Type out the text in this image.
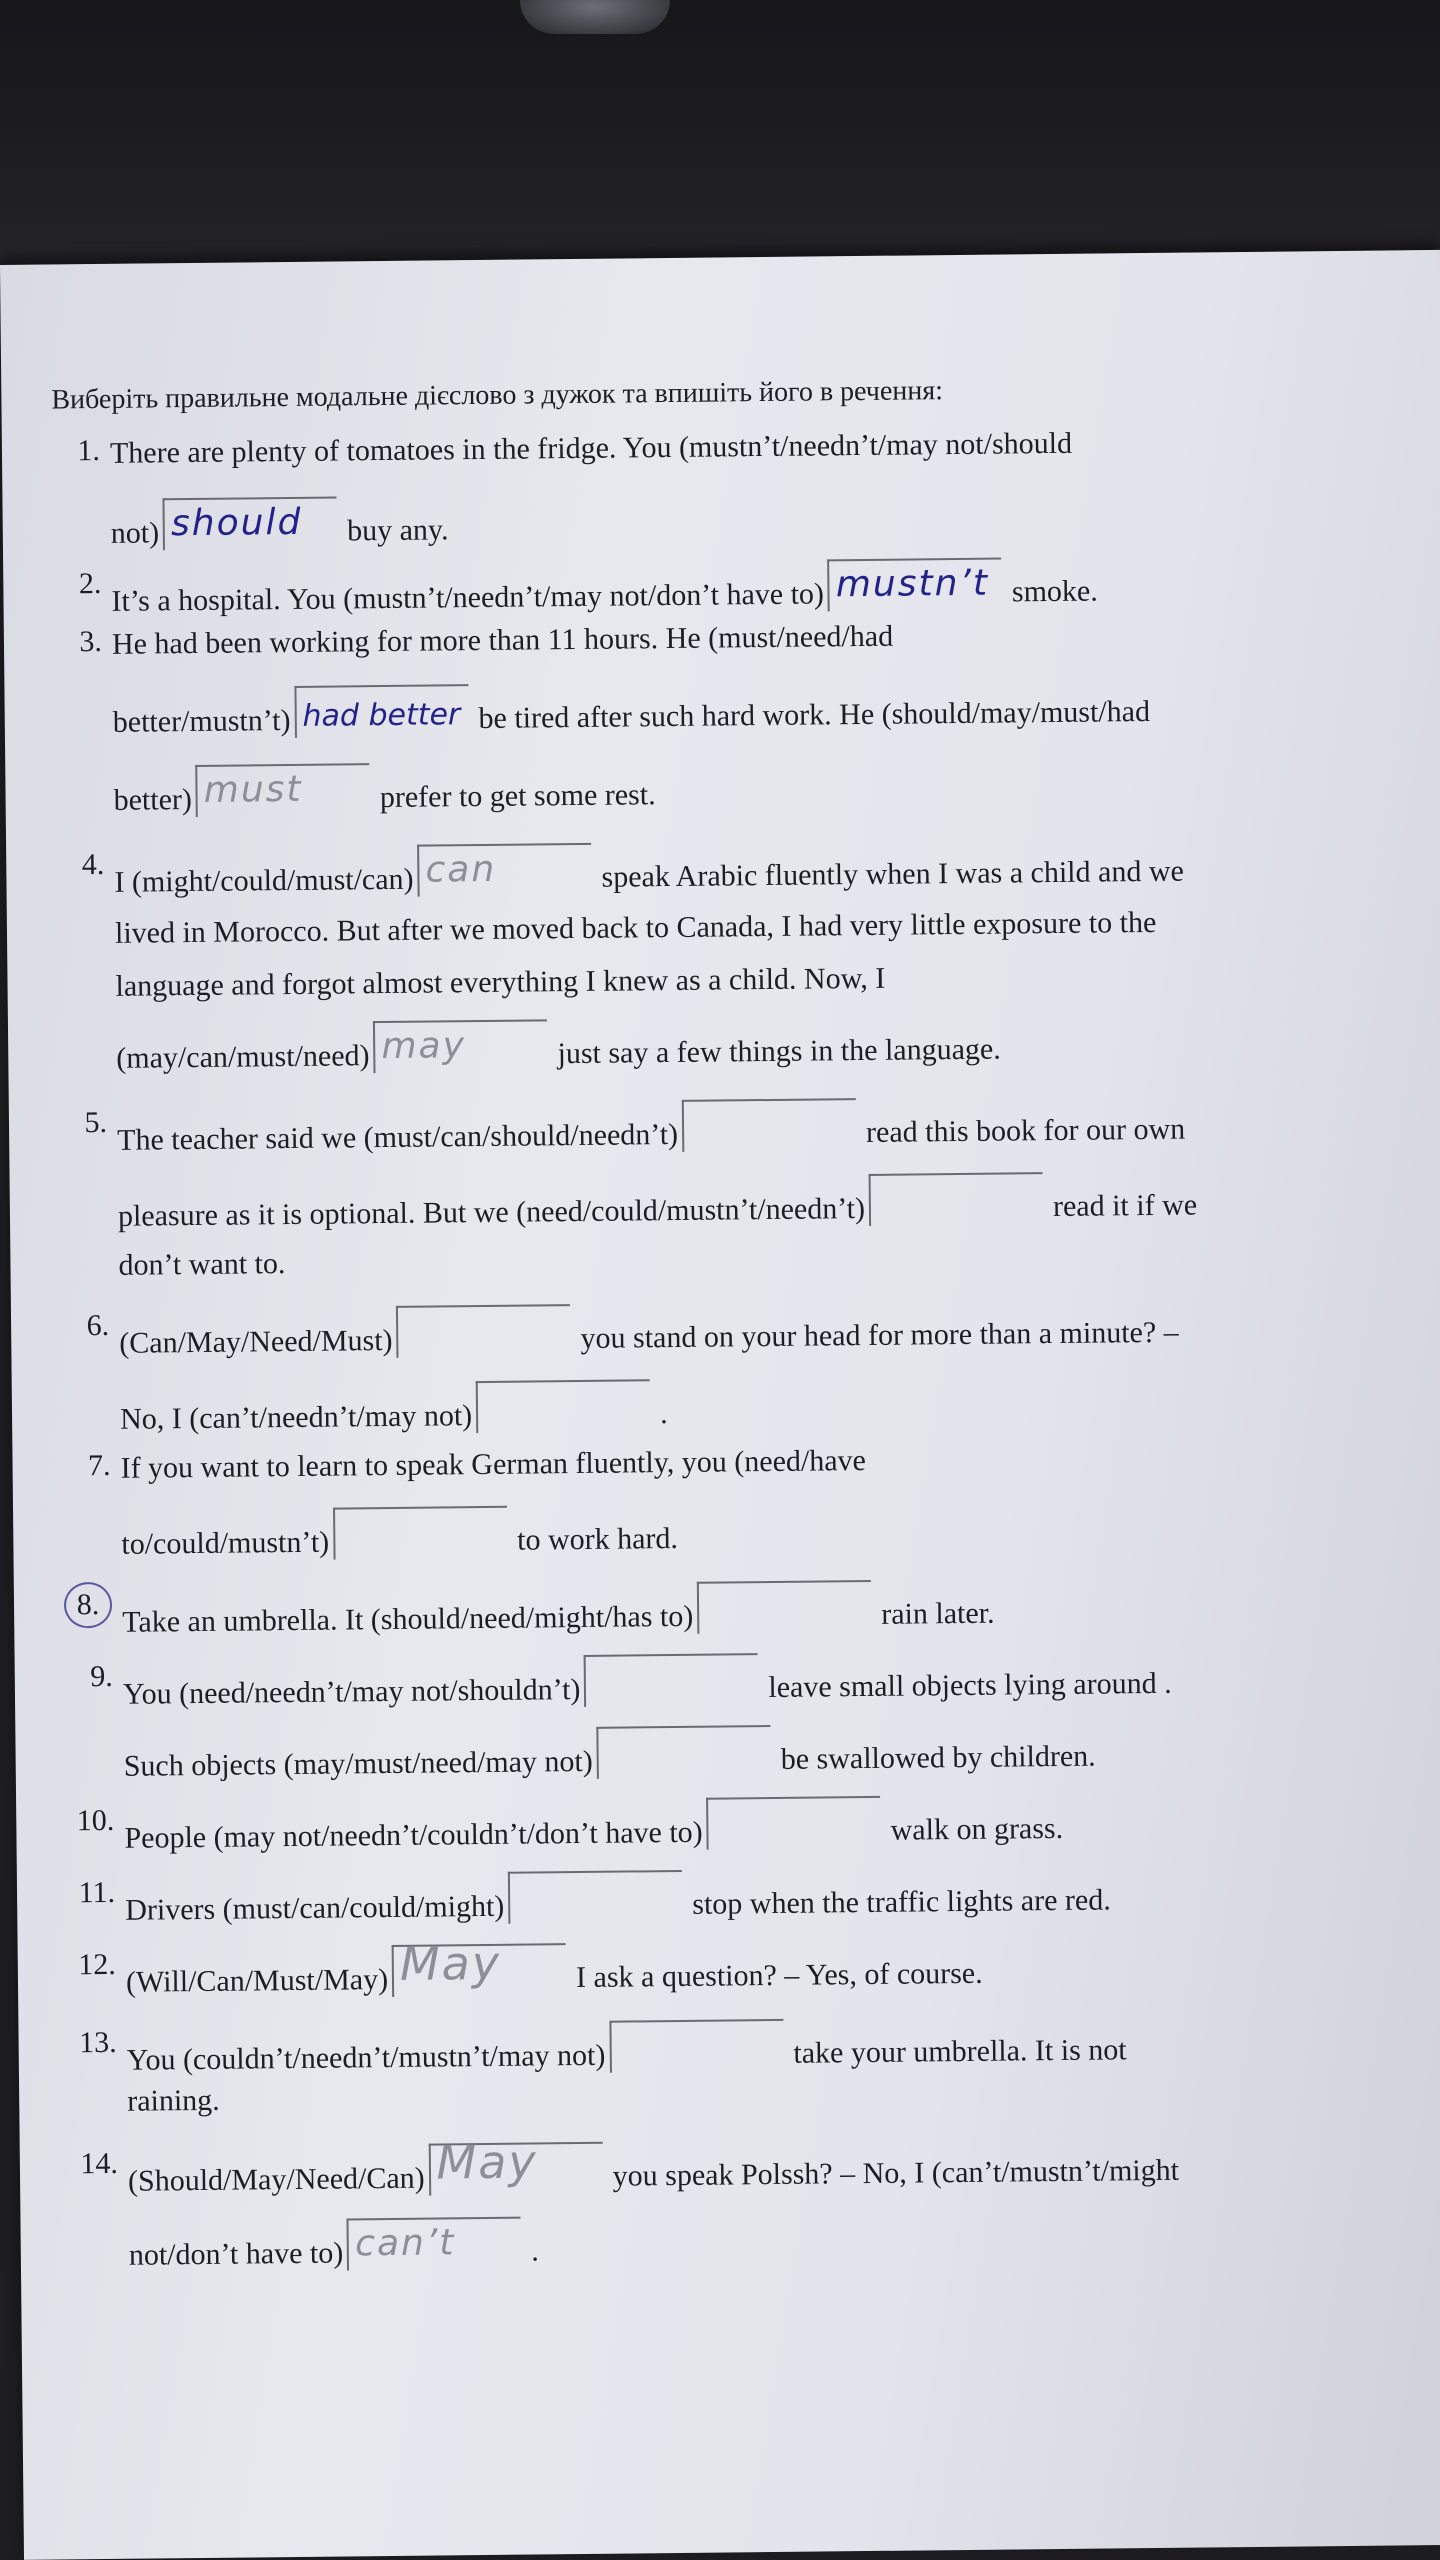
Виберіть правильне модальне дієслово з дужок та впишіть його в речення:
1. There are plenty of tomatoes in the fridge. You (mustn’t/needn’t/may not/should
not) should buy any.
2. It’s a hospital. You (mustn’t/needn’t/may not/don’t have to) mustn’t smoke.
3. He had been working for more than 11 hours. He (must/need/had
better/mustn’t) had better be tired after such hard work. He (should/may/must/had
better) must	prefer to get some rest.
4. I (might/could/must/can) can	speak Arabic fluently when I was a child and we
lived in Morocco. But after we moved back to Canada, I had very little exposure to the
language and forgot almost everything I knew as a child. Now, I
(may/can/must/need) may	just say a few things in the language.
5. The teacher said we (must/can/should/needn’t)	read this book for our own
pleasure as it is optional. But we (need/could/mustn’t/needn’t)	read it if we
don’t want to.
6. (Can/May/Need/Must)	you stand on your head for more than a minute? –
No, I (can’t/needn’t/may not)	.
7. If you want to learn to speak German fluently, you (need/have
to/could/mustn’t)	to work hard.
8. Take an umbrella. It (should/need/might/has to)	rain later.
9. You (need/needn’t/may not/shouldn’t)	leave small objects lying around .
Such objects (may/must/need/may not)	be swallowed by children.
10. People (may not/needn’t/couldn’t/don’t have to)	walk on grass.
11. Drivers (must/can/could/might)	stop when the traffic lights are red.
12. (Will/Can/Must/May) May I ask a question? – Yes, of course.
13. You (couldn’t/needn’t/mustn’t/may not)	take your umbrella. It is not
raining.
14. (Should/May/Need/Can) May you speak Polssh? – No, I (can’t/mustn’t/might
not/don’t have to) can’t	.
